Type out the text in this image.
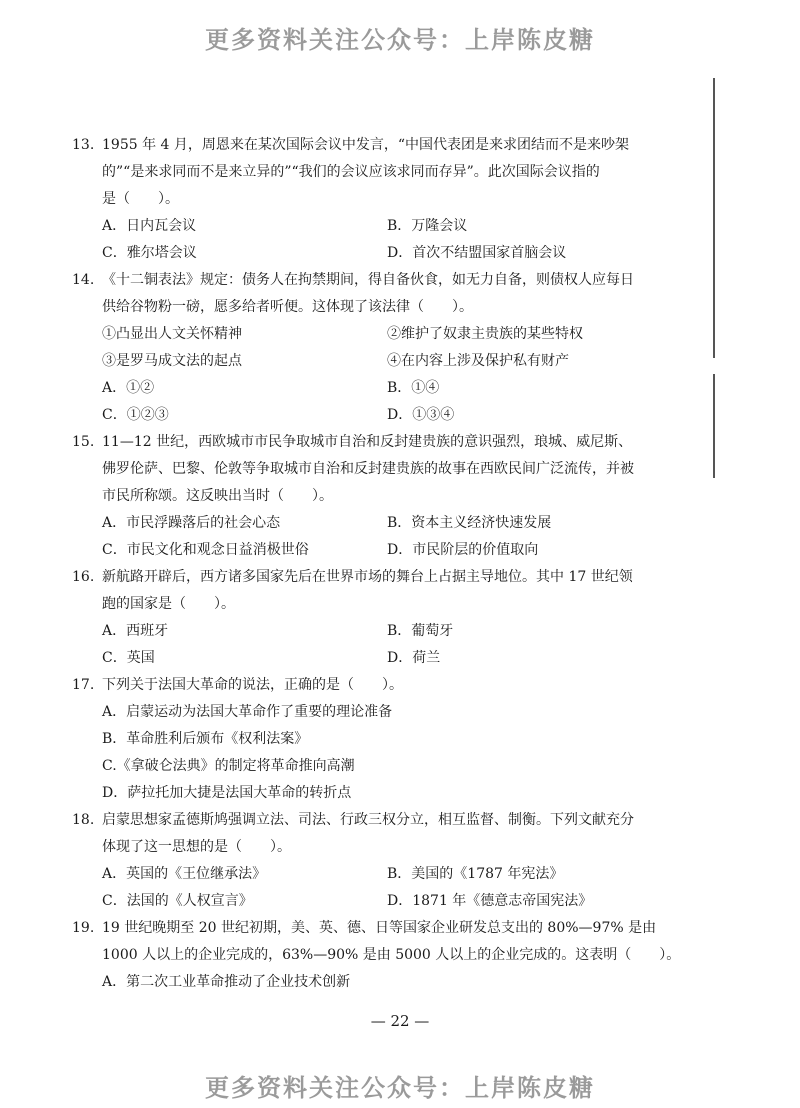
更多资料关注公众号：上岸陈皮糖
13. 1955 年 4 月，周恩来在某次国际会议中发言，“中国代表团是来求团结而不是来吵架
的”“是来求同而不是来立异的”“我们的会议应该求同而存异”。此次国际会议指的
是（　　）。
A．日内瓦会议	B．万隆会议
C．雅尔塔会议	D．首次不结盟国家首脑会议
14. 《十二铜表法》规定：债务人在拘禁期间，得自备伙食，如无力自备，则债权人应每日
供给谷物粉一磅，愿多给者听便。这体现了该法律（　　）。
①凸显出人文关怀精神	②维护了奴隶主贵族的某些特权
③是罗马成文法的起点	④在内容上涉及保护私有财产
A．①②	B．①④
C．①②③	D．①③④
15. 11—12 世纪，西欧城市市民争取城市自治和反封建贵族的意识强烈，琅城、威尼斯、
佛罗伦萨、巴黎、伦敦等争取城市自治和反封建贵族的故事在西欧民间广泛流传，并被
市民所称颂。这反映出当时（　　）。
A．市民浮躁落后的社会心态	B．资本主义经济快速发展
C．市民文化和观念日益消极世俗	D．市民阶层的价值取向
16. 新航路开辟后，西方诸多国家先后在世界市场的舞台上占据主导地位。其中 17 世纪领
跑的国家是（　　）。
A．西班牙	B．葡萄牙
C．英国	D．荷兰
17. 下列关于法国大革命的说法，正确的是（　　）。
A．启蒙运动为法国大革命作了重要的理论准备
B．革命胜利后颁布《权利法案》
C.《拿破仑法典》的制定将革命推向高潮
D．萨拉托加大捷是法国大革命的转折点
18. 启蒙思想家孟德斯鸠强调立法、司法、行政三权分立，相互监督、制衡。下列文献充分
体现了这一思想的是（　　）。
A．英国的《王位继承法》	B．美国的《1787 年宪法》
C．法国的《人权宣言》	D．1871 年《德意志帝国宪法》
19. 19 世纪晚期至 20 世纪初期，美、英、德、日等国家企业研发总支出的 80%—97% 是由
1000 人以上的企业完成的，63%—90% 是由 5000 人以上的企业完成的。这表明（　　）。
A．第二次工业革命推动了企业技术创新
— 22 —
更多资料关注公众号：上岸陈皮糖
